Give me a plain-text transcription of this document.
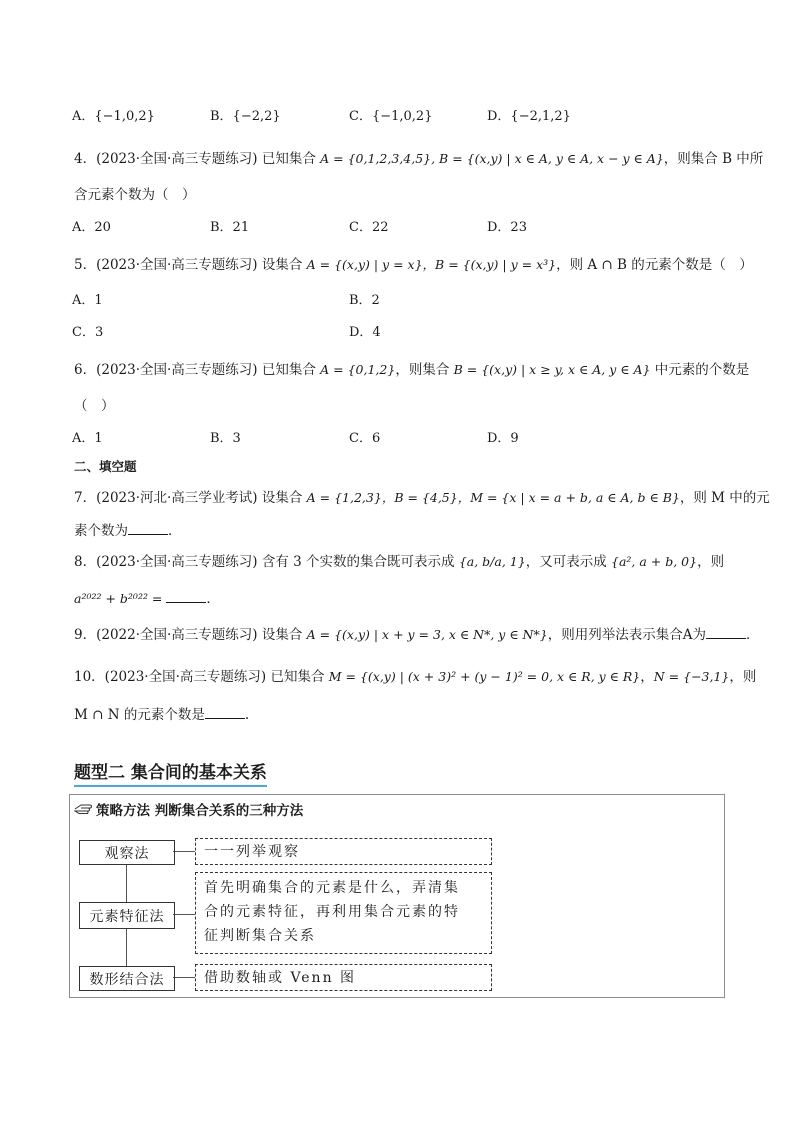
A．{−1,0,2}	B．{−2,2}	C．{−1,0,2}	D．{−2,1,2}
4．(2023·全国·高三专题练习) 已知集合 A = {0,1,2,3,4,5}, B = {(x,y) | x ∈ A, y ∈ A, x − y ∈ A}，则集合 B 中所
含元素个数为（　）
A．20	B．21	C．22	D．23
5．(2023·全国·高三专题练习) 设集合 A = {(x,y) | y = x}，B = {(x,y) | y = x³}，则 A ∩ B 的元素个数是（　）
A．1	B．2
C．3	D．4
6．(2023·全国·高三专题练习) 已知集合 A = {0,1,2}，则集合 B = {(x,y) | x ≥ y, x ∈ A, y ∈ A} 中元素的个数是
（　）
A．1	B．3	C．6	D．9
二、填空题
7．(2023·河北·高三学业考试) 设集合 A = {1,2,3}，B = {4,5}，M = {x | x = a + b, a ∈ A, b ∈ B}，则 M 中的元
素个数为	．
8．(2023·全国·高三专题练习) 含有 3 个实数的集合既可表示成 {a, b/a, 1}，又可表示成 {a², a + b, 0}，则
a²⁰²² + b²⁰²² =	．
9．(2022·全国·高三专题练习) 设集合 A = {(x,y) | x + y = 3, x ∈ N*, y ∈ N*}，则用列举法表示集合A为	．
10．(2023·全国·高三专题练习) 已知集合 M = {(x,y) | (x + 3)² + (y − 1)² = 0, x ∈ R, y ∈ R}，N = {−3,1}，则
M ∩ N 的元素个数是	.
题型二 集合间的基本关系
策略方法 判断集合关系的三种方法
观察法
元素特征法
数形结合法
一一列举观察
首先明确集合的元素是什么，弄清集
合的元素特征，再利用集合元素的特
征判断集合关系
借助数轴或 Venn 图
